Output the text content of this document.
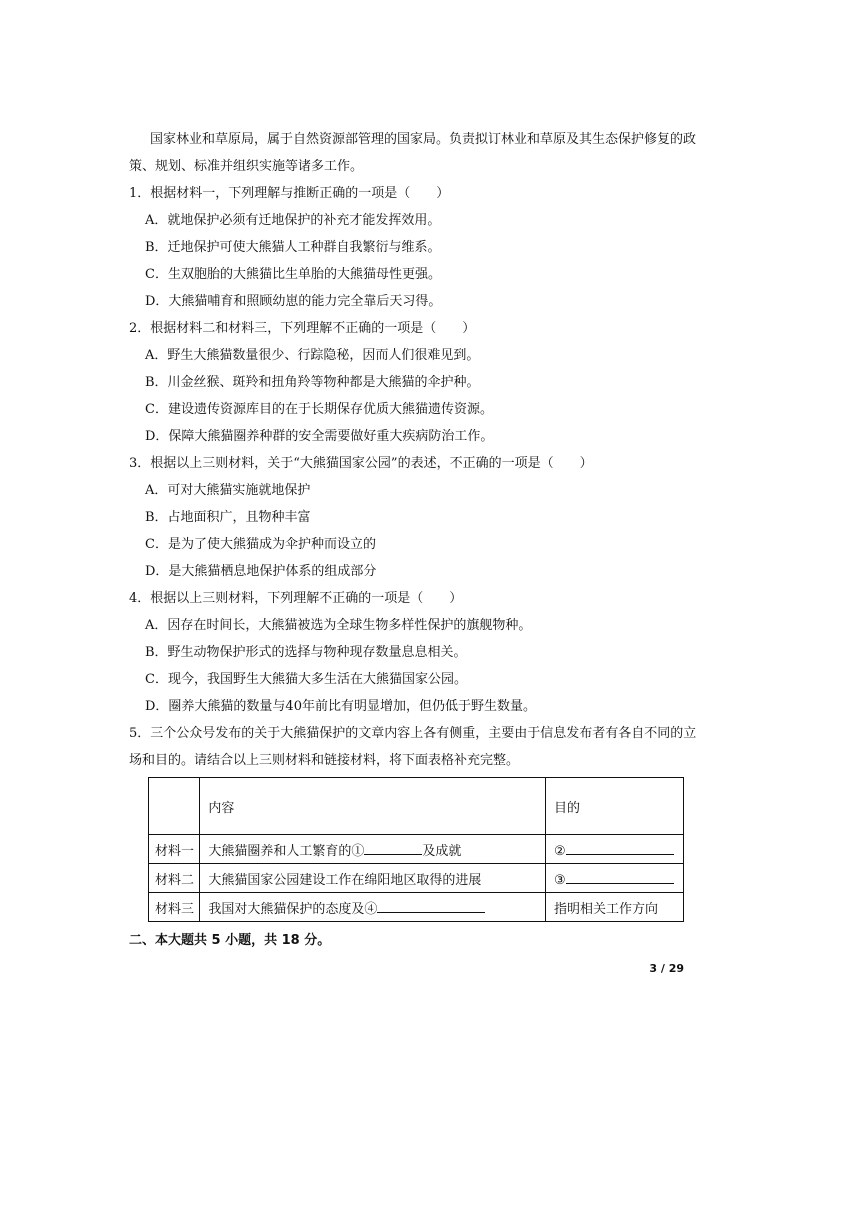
国家林业和草原局，属于自然资源部管理的国家局。负责拟订林业和草原及其生态保护修复的政
策、规划、标准并组织实施等诸多工作。
1．根据材料一，下列理解与推断正确的一项是（　　）
A．就地保护必须有迁地保护的补充才能发挥效用。
B．迁地保护可使大熊猫人工种群自我繁衍与维系。
C．生双胞胎的大熊猫比生单胎的大熊猫母性更强。
D．大熊猫哺育和照顾幼崽的能力完全靠后天习得。
2．根据材料二和材料三，下列理解不正确的一项是（　　）
A．野生大熊猫数量很少、行踪隐秘，因而人们很难见到。
B．川金丝猴、斑羚和扭角羚等物种都是大熊猫的伞护种。
C．建设遗传资源库目的在于长期保存优质大熊猫遗传资源。
D．保障大熊猫圈养种群的安全需要做好重大疾病防治工作。
3．根据以上三则材料，关于“大熊猫国家公园”的表述，不正确的一项是（　　）
A．可对大熊猫实施就地保护
B．占地面积广，且物种丰富
C．是为了使大熊猫成为伞护种而设立的
D．是大熊猫栖息地保护体系的组成部分
4．根据以上三则材料，下列理解不正确的一项是（　　）
A．因存在时间长，大熊猫被选为全球生物多样性保护的旗舰物种。
B．野生动物保护形式的选择与物种现存数量息息相关。
C．现今，我国野生大熊猫大多生活在大熊猫国家公园。
D．圈养大熊猫的数量与40年前比有明显增加，但仍低于野生数量。
5．三个公众号发布的关于大熊猫保护的文章内容上各有侧重，主要由于信息发布者有各自不同的立
场和目的。请结合以上三则材料和链接材料，将下面表格补充完整。
	内容	目的
材料一	大熊猫圈养和人工繁育的① 及成就	②
材料二	大熊猫国家公园建设工作在绵阳地区取得的进展	③
材料三	我国对大熊猫保护的态度及④	指明相关工作方向
二、本大题共 5 小题，共 18 分。
3 / 29
